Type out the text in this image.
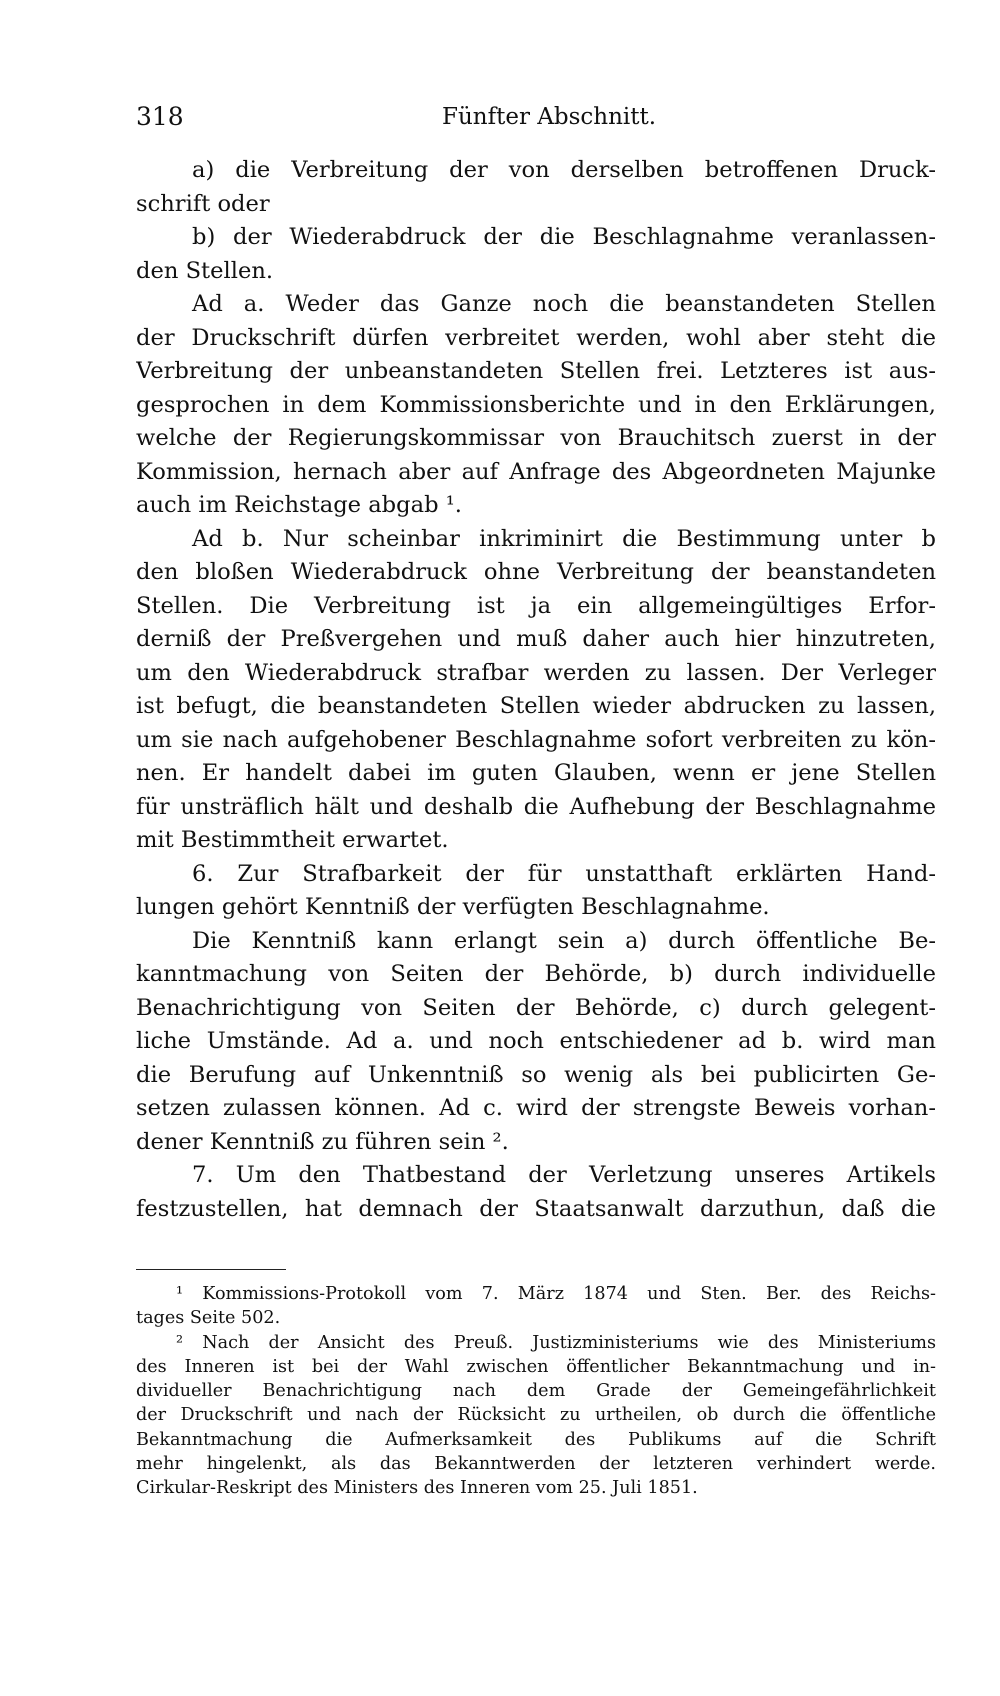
318	Fünfter Abschnitt.
a) die Verbreitung der von derselben betroffenen Druck-
schrift oder
b) der Wiederabdruck der die Beschlagnahme veranlassen-
den Stellen.
Ad a. Weder das Ganze noch die beanstandeten Stellen
der Druckschrift dürfen verbreitet werden, wohl aber steht die
Verbreitung der unbeanstandeten Stellen frei. Letzteres ist aus-
gesprochen in dem Kommissionsberichte und in den Erklärungen,
welche der Regierungskommissar von Brauchitsch zuerst in der
Kommission, hernach aber auf Anfrage des Abgeordneten Majunke
auch im Reichstage abgab ¹.
Ad b. Nur scheinbar inkriminirt die Bestimmung unter b
den bloßen Wiederabdruck ohne Verbreitung der beanstandeten
Stellen. Die Verbreitung ist ja ein allgemeingültiges Erfor-
derniß der Preßvergehen und muß daher auch hier hinzutreten,
um den Wiederabdruck strafbar werden zu lassen. Der Verleger
ist befugt, die beanstandeten Stellen wieder abdrucken zu lassen,
um sie nach aufgehobener Beschlagnahme sofort verbreiten zu kön-
nen. Er handelt dabei im guten Glauben, wenn er jene Stellen
für unsträflich hält und deshalb die Aufhebung der Beschlagnahme
mit Bestimmtheit erwartet.
6. Zur Strafbarkeit der für unstatthaft erklärten Hand-
lungen gehört Kenntniß der verfügten Beschlagnahme.
Die Kenntniß kann erlangt sein a) durch öffentliche Be-
kanntmachung von Seiten der Behörde, b) durch individuelle
Benachrichtigung von Seiten der Behörde, c) durch gelegent-
liche Umstände. Ad a. und noch entschiedener ad b. wird man
die Berufung auf Unkenntniß so wenig als bei publicirten Ge-
setzen zulassen können. Ad c. wird der strengste Beweis vorhan-
dener Kenntniß zu führen sein ².
7. Um den Thatbestand der Verletzung unseres Artikels
festzustellen, hat demnach der Staatsanwalt darzuthun, daß die
¹ Kommissions-Protokoll vom 7. März 1874 und Sten. Ber. des Reichs-
tages Seite 502.
² Nach der Ansicht des Preuß. Justizministeriums wie des Ministeriums
des Inneren ist bei der Wahl zwischen öffentlicher Bekanntmachung und in-
dividueller Benachrichtigung nach dem Grade der Gemeingefährlichkeit
der Druckschrift und nach der Rücksicht zu urtheilen, ob durch die öffentliche
Bekanntmachung die Aufmerksamkeit des Publikums auf die Schrift
mehr hingelenkt, als das Bekanntwerden der letzteren verhindert werde.
Cirkular-Reskript des Ministers des Inneren vom 25. Juli 1851.
